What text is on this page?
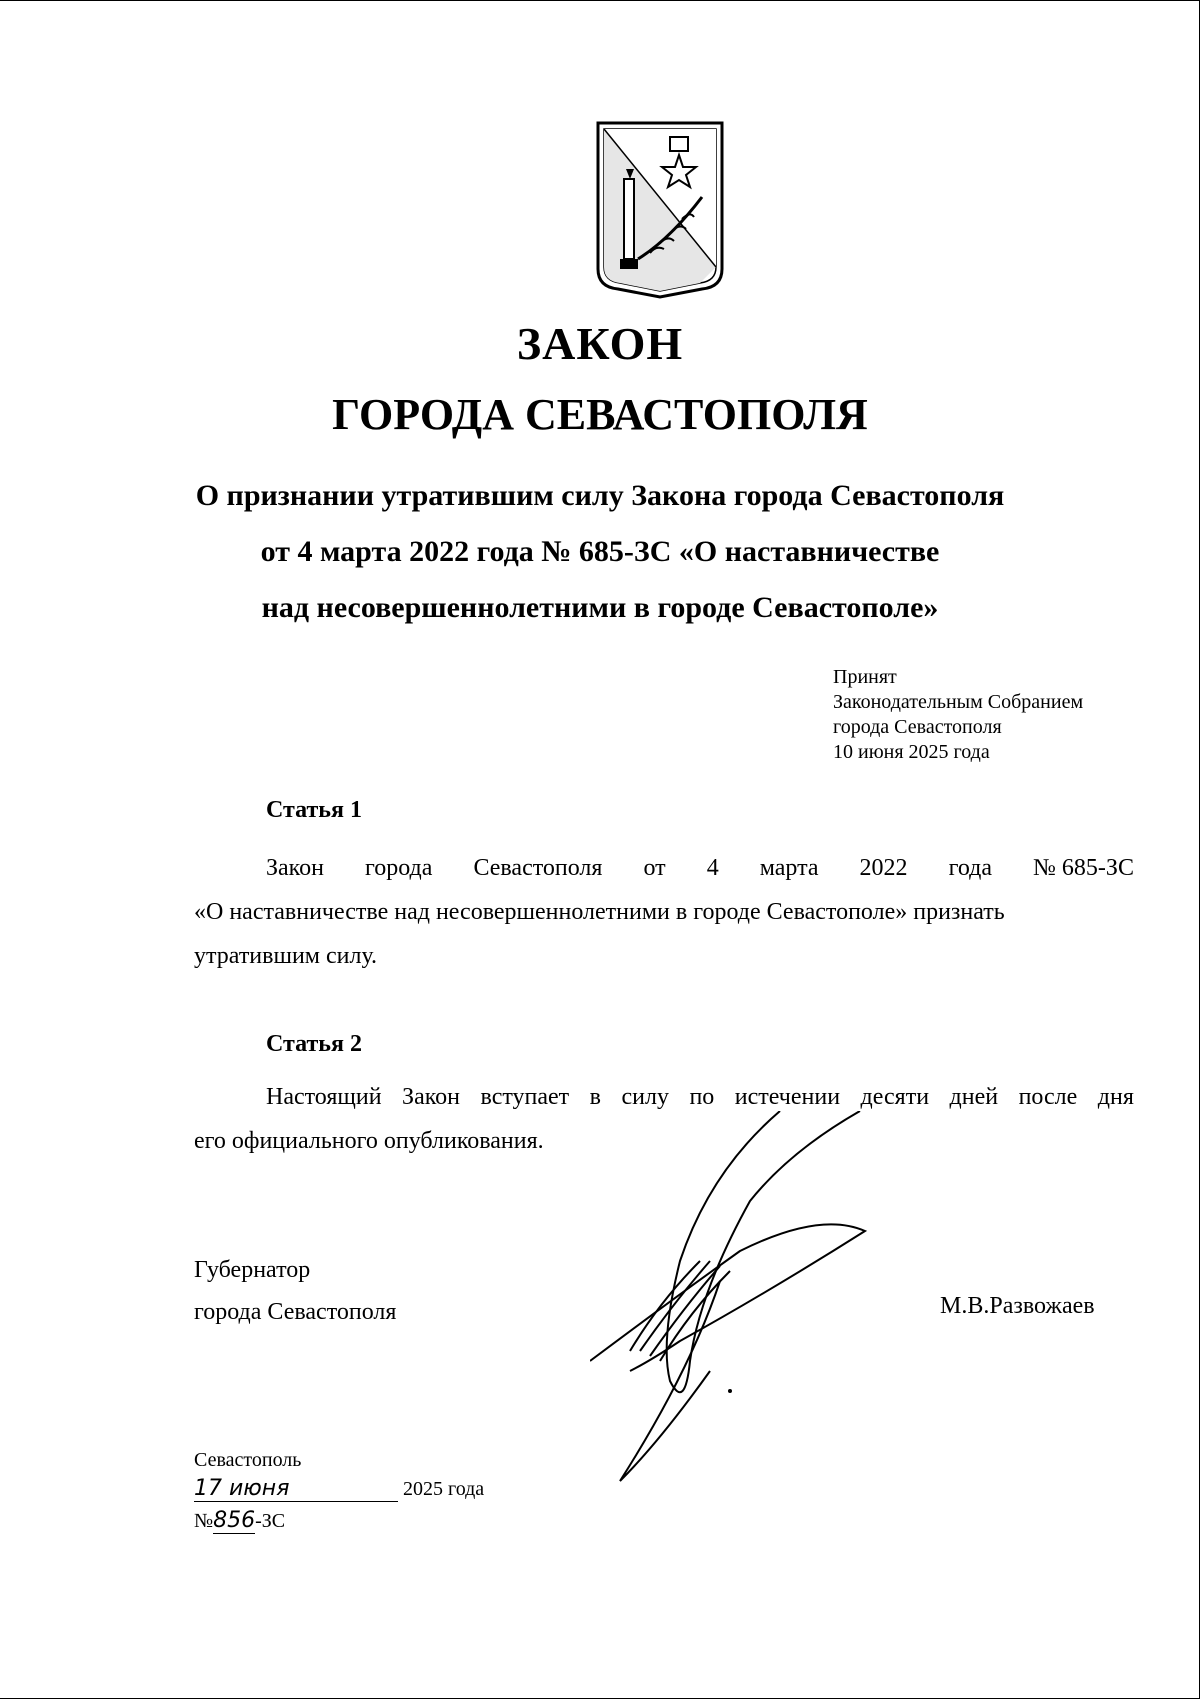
ЗАКОН
ГОРОДА СЕВАСТОПОЛЯ
О признании утратившим силу Закона города Севастополя
от 4 марта 2022 года № 685-ЗС «О наставничестве
над несовершеннолетними в городе Севастополе»
Принят
Законодательным Собранием
города Севастополя
10 июня 2025 года
Статья 1
Закон города Севастополя от 4 марта 2022 года № 685-ЗС
«О наставничестве над несовершеннолетними в городе Севастополе» признать
утратившим силу.
Статья 2
Настоящий Закон вступает в силу по истечении десяти дней после дня
его официального опубликования.
Губернатор
города Севастополя	М.В.Развожаев
Севастополь
17 июня	2025 года
№856-ЗС
